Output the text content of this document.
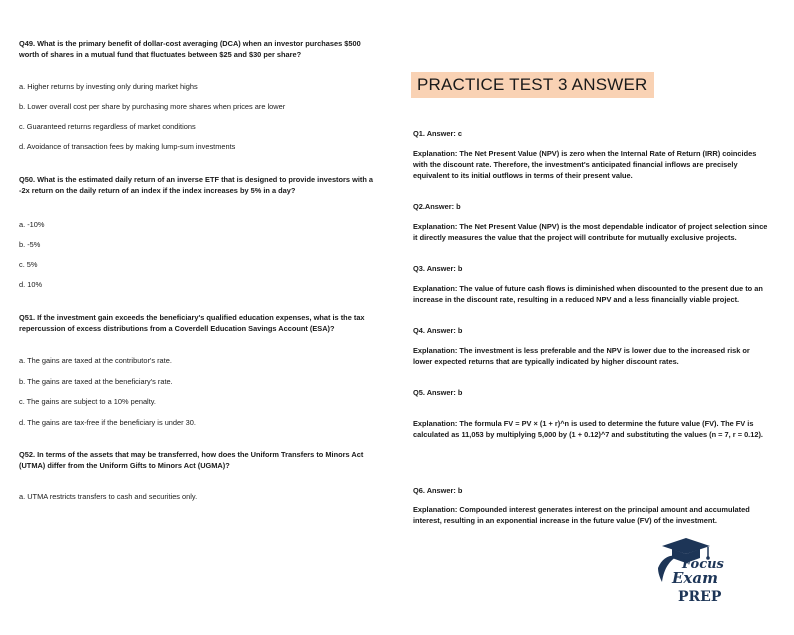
Q49. What is the primary benefit of dollar-cost averaging (DCA) when an investor purchases $500
worth of shares in a mutual fund that fluctuates between $25 and $30 per share?
a. Higher returns by investing only during market highs
b. Lower overall cost per share by purchasing more shares when prices are lower
c. Guaranteed returns regardless of market conditions
d. Avoidance of transaction fees by making lump-sum investments
Q50. What is the estimated daily return of an inverse ETF that is designed to provide investors with a
-2x return on the daily return of an index if the index increases by 5% in a day?
a. -10%
b. -5%
c. 5%
d. 10%
Q51. If the investment gain exceeds the beneficiary's qualified education expenses, what is the tax
repercussion of excess distributions from a Coverdell Education Savings Account (ESA)?
a. The gains are taxed at the contributor's rate.
b. The gains are taxed at the beneficiary's rate.
c. The gains are subject to a 10% penalty.
d. The gains are tax-free if the beneficiary is under 30.
Q52. In terms of the assets that may be transferred, how does the Uniform Transfers to Minors Act
(UTMA) differ from the Uniform Gifts to Minors Act (UGMA)?
a. UTMA restricts transfers to cash and securities only.
PRACTICE TEST 3 ANSWER
Q1. Answer: c
Explanation: The Net Present Value (NPV) is zero when the Internal Rate of Return (IRR) coincides
with the discount rate. Therefore, the investment's anticipated financial inflows are precisely
equivalent to its initial outflows in terms of their present value.
Q2.Answer: b
Explanation: The Net Present Value (NPV) is the most dependable indicator of project selection since
it directly measures the value that the project will contribute for mutually exclusive projects.
Q3. Answer: b
Explanation: The value of future cash flows is diminished when discounted to the present due to an
increase in the discount rate, resulting in a reduced NPV and a less financially viable project.
Q4. Answer: b
Explanation: The investment is less preferable and the NPV is lower due to the increased risk or
lower expected returns that are typically indicated by higher discount rates.
Q5. Answer: b
Explanation: The formula FV = PV × (1 + r)^n is used to determine the future value (FV). The FV is
calculated as 11,053 by multiplying 5,000 by (1 + 0.12)^7 and substituting the values (n = 7, r = 0.12).
Q6. Answer: b
Explanation: Compounded interest generates interest on the principal amount and accumulated
interest, resulting in an exponential increase in the future value (FV) of the investment.
Focus
Exam
PREP
